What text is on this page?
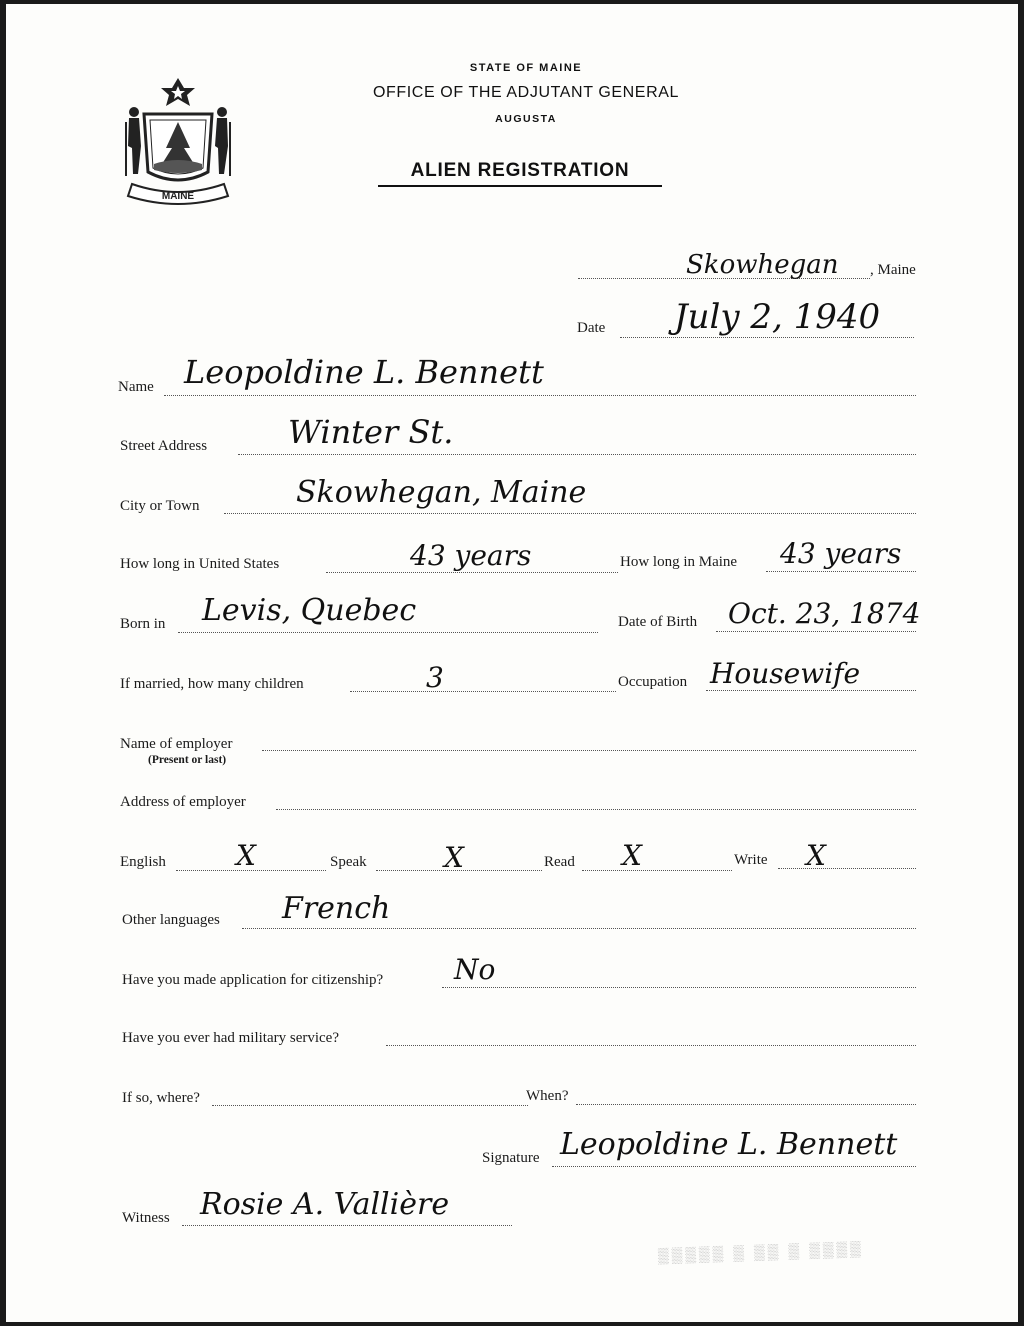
MAINE
STATE OF MAINE
OFFICE OF THE ADJUTANT GENERAL
AUGUSTA
ALIEN REGISTRATION
Skowhegan , Maine
Date July 2, 1940
Name Leopoldine L. Bennett
Street Address	Winter St.
City or Town	Skowhegan, Maine
How long in United States	43 years	How long in Maine 43 years
Born in Levis, Quebec	Date of Birth Oct. 23, 1874
If married, how many children	3	Occupation Housewife
Name of employer
(Present or last)
Address of employer
English	X	Speak	X	Read X	Write X
Other languages French
Have you made application for citizenship?	No
Have you ever had military service?
If so, where?	When?
Signature Leopoldine L. Bennett
Witness Rosie A. Vallière
▒▒▒▒▒ ▒ ▒▒ ▒ ▒▒▒▒
